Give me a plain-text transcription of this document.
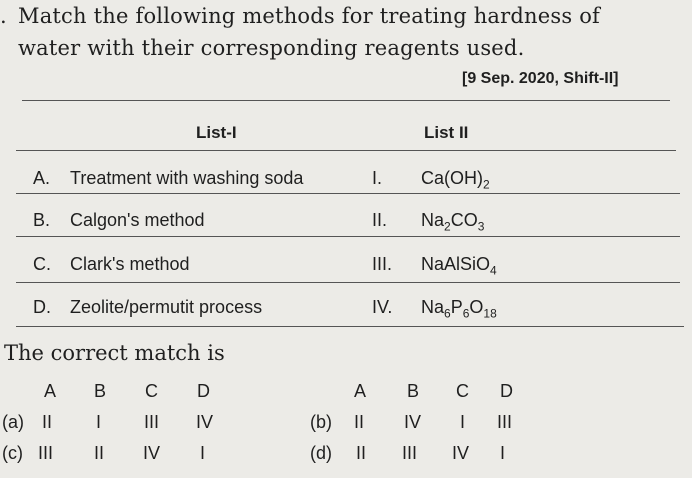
. Match the following methods for treating hardness of
water with their corresponding reagents used.
[9 Sep. 2020, Shift-II]
List-I	List II
A. Treatment with washing soda	I. $Ca(OH)_2$
B. Calgon's method	II. $Na_2CO_3$
C. Clark's method	III. NaAlSiO$_4$
D. Zeolite/permutit process	IV. $Na_6P_6O_{18}$
The correct match is
A B C D	A B C D
(a) II I III IV	(b) II IV I III
(c) III II IV I	(d) II III IV I
